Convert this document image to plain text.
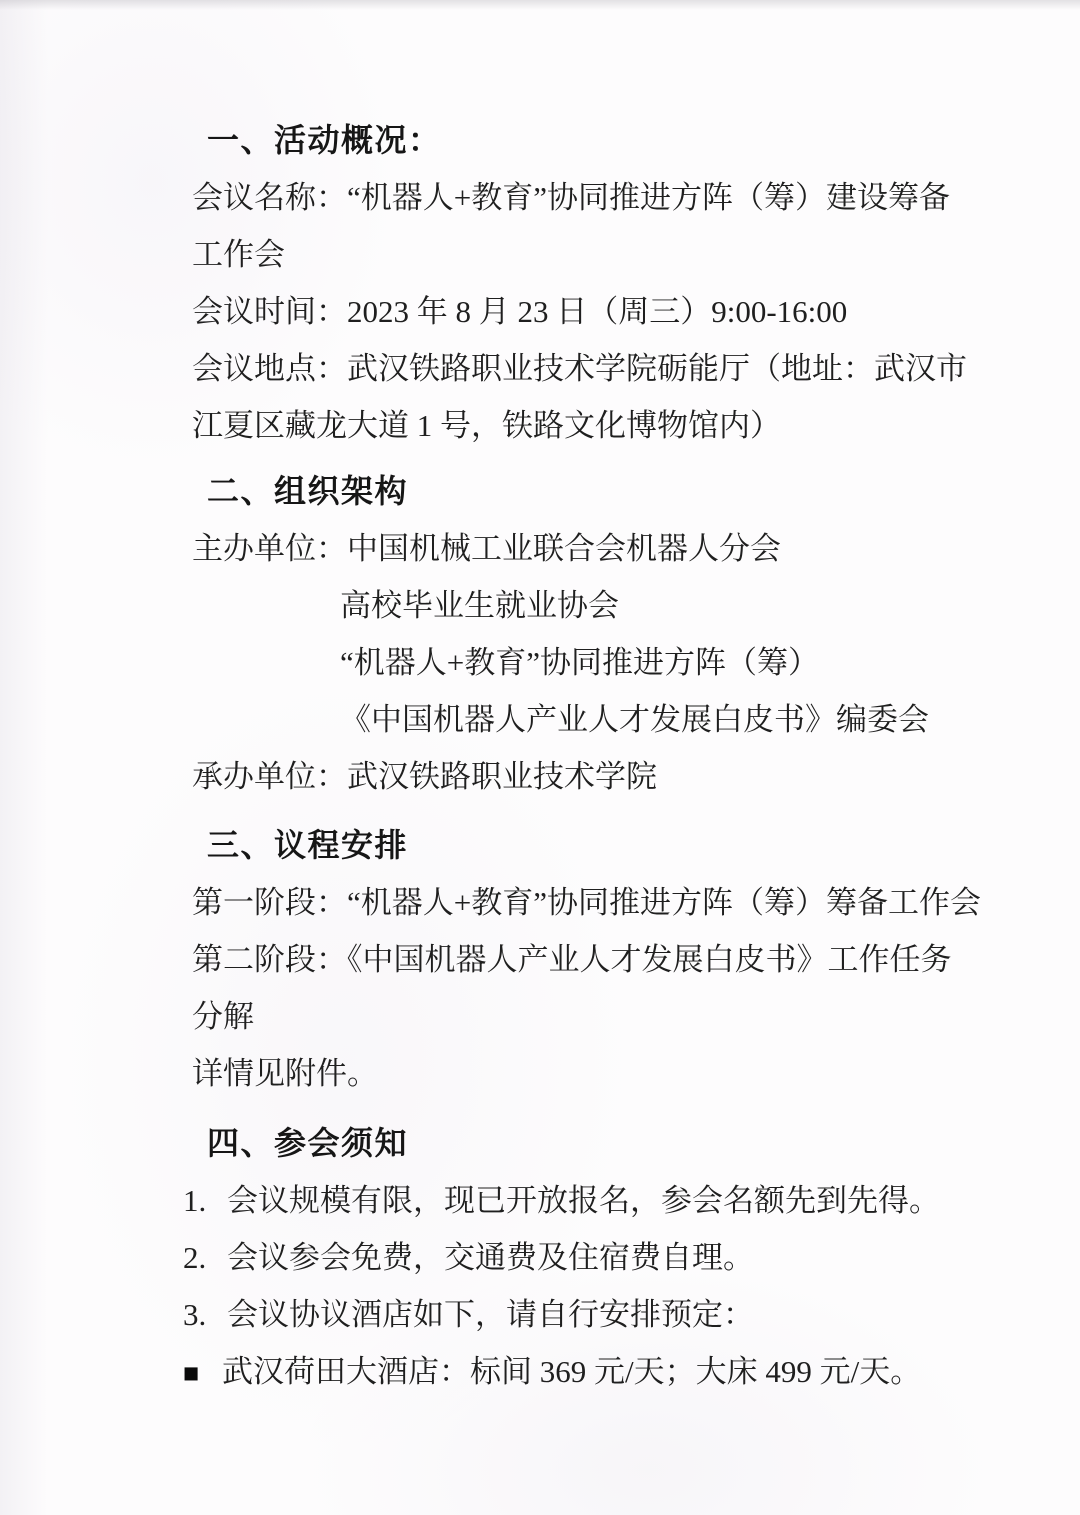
一、活动概况：
会议名称：“机器人+教育”协同推进方阵（筹）建设筹备
工作会
会议时间：2023 年 8 月 23 日（周三）9:00-16:00
会议地点：武汉铁路职业技术学院砺能厅（地址：武汉市
江夏区藏龙大道 1 号，铁路文化博物馆内）
二、组织架构
主办单位：中国机械工业联合会机器人分会
高校毕业生就业协会
“机器人+教育”协同推进方阵（筹）
《中国机器人产业人才发展白皮书》编委会
承办单位：武汉铁路职业技术学院
三、议程安排
第一阶段：“机器人+教育”协同推进方阵（筹）筹备工作会
第二阶段：《中国机器人产业人才发展白皮书》工作任务
分解
详情见附件。
四、参会须知
1. 会议规模有限，现已开放报名，参会名额先到先得。
2. 会议参会免费，交通费及住宿费自理。
3. 会议协议酒店如下，请自行安排预定：
■ 武汉荷田大酒店：标间 369 元/天；大床 499 元/天。
